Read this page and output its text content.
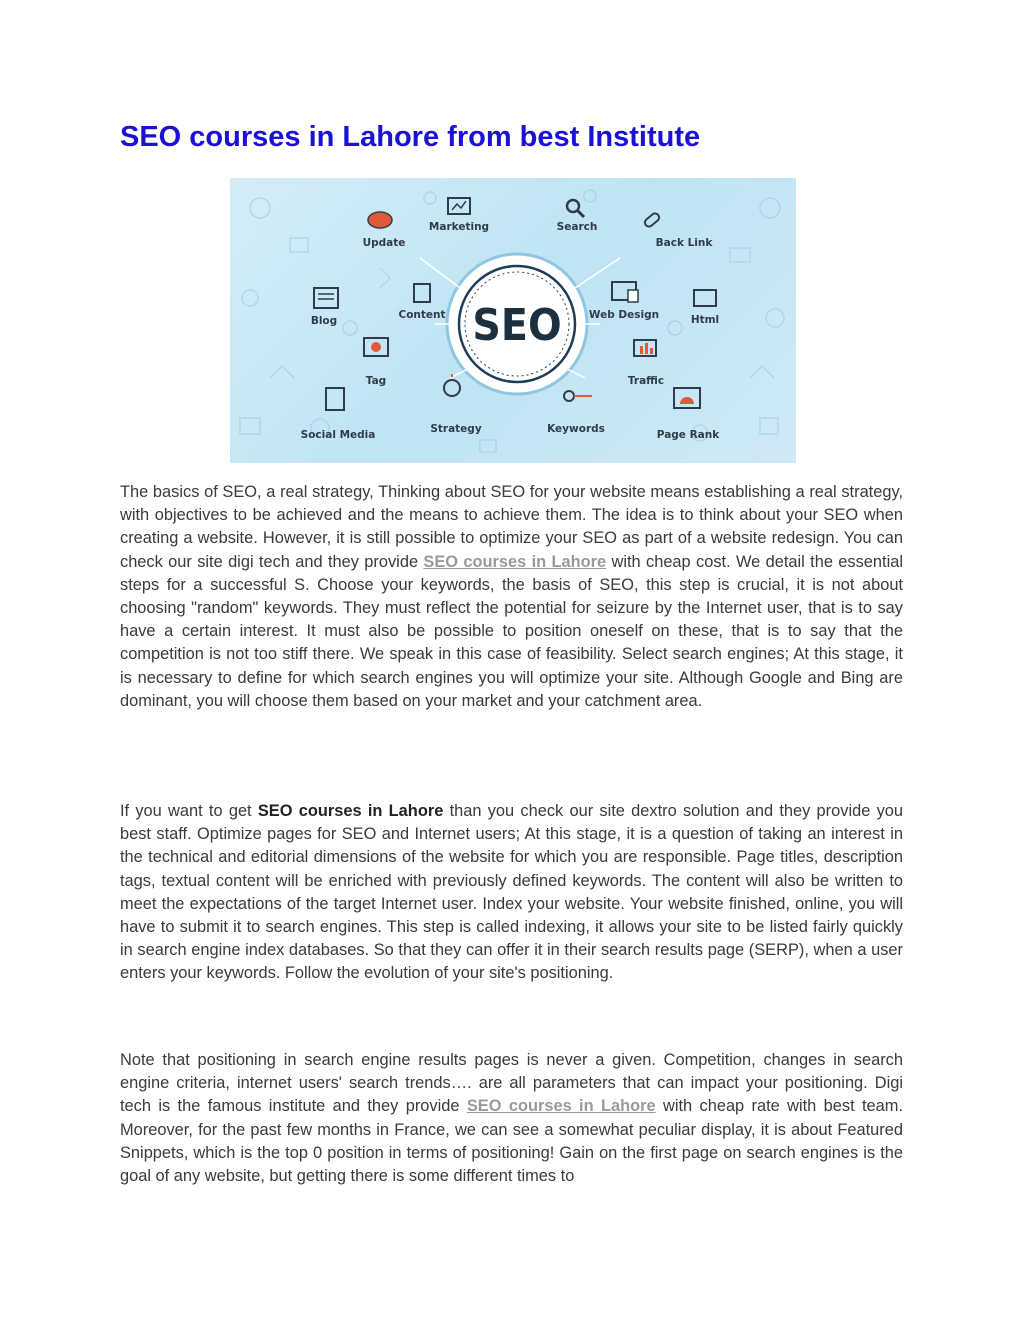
SEO courses in Lahore from best Institute
SEO
Marketing	Search
Update	Back Link
Blog	Content	Web Design	Html
Tag	Traffic
Social Media	Strategy	Keywords	Page Rank

The basics of SEO, a real strategy, Thinking about SEO for your website means establishing a real strategy, with objectives to be achieved and the means to achieve them. The idea is to think about your SEO when creating a website. However, it is still possible to optimize your SEO as part of a website redesign. You can check our site digi tech and they provide SEO courses in Lahore with cheap cost. We detail the essential steps for a successful S. Choose your keywords, the basis of SEO, this step is crucial, it is not about choosing "random" keywords. They must reflect the potential for seizure by the Internet user, that is to say have a certain interest. It must also be possible to position oneself on these, that is to say that the competition is not too stiff there. We speak in this case of feasibility. Select search engines; At this stage, it is necessary to define for which search engines you will optimize your site. Although Google and Bing are dominant, you will choose them based on your market and your catchment area.

If you want to get SEO courses in Lahore than you check our site dextro solution and they provide you best staff. Optimize pages for SEO and Internet users; At this stage, it is a question of taking an interest in the technical and editorial dimensions of the website for which you are responsible. Page titles, description tags, textual content will be enriched with previously defined keywords. The content will also be written to meet the expectations of the target Internet user. Index your website. Your website finished, online, you will have to submit it to search engines. This step is called indexing, it allows your site to be listed fairly quickly in search engine index databases. So that they can offer it in their search results page (SERP), when a user enters your keywords. Follow the evolution of your site's positioning.

Note that positioning in search engine results pages is never a given. Competition, changes in search engine criteria, internet users' search trends…. are all parameters that can impact your positioning. Digi tech is the famous institute and they provide SEO courses in Lahore with cheap rate with best team. Moreover, for the past few months in France, we can see a somewhat peculiar display, it is about Featured Snippets, which is the top 0 position in terms of positioning! Gain on the first page on search engines is the goal of any website, but getting there is some different times to
